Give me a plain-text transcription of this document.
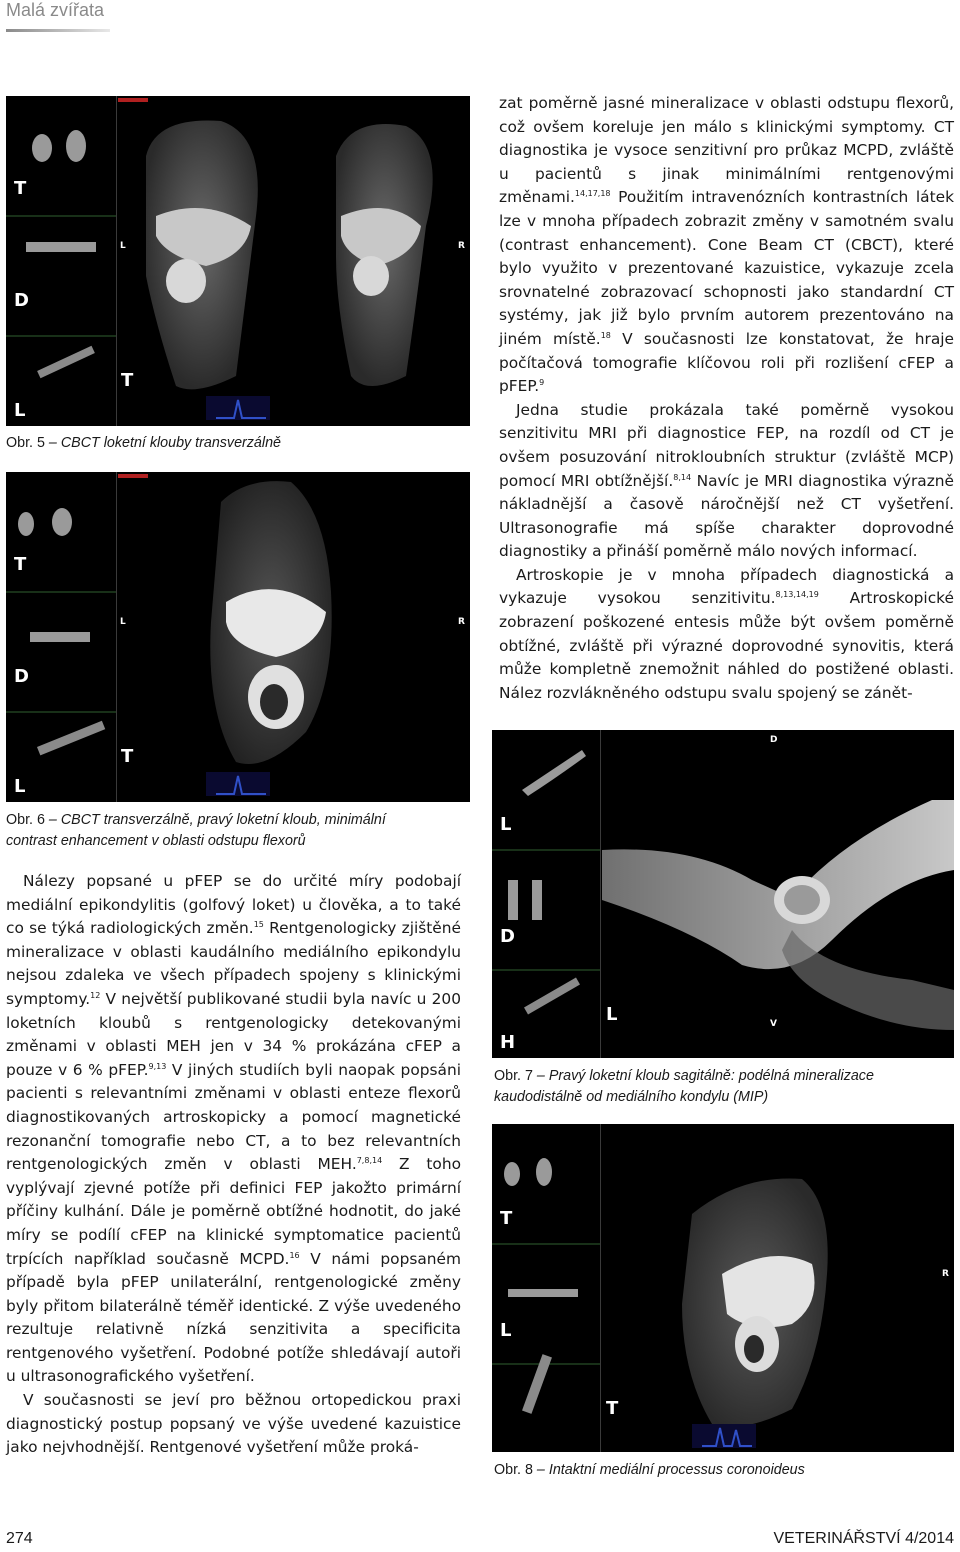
Malá zvířata
T
D
L
T
L	R
Obr. 5 – CBCT loketní klouby transverzálně
T
D
L
T
L	R
Obr. 6 – CBCT transverzálně, pravý loketní kloub, minimální
contrast enhancement v oblasti odstupu flexorů
L
D
H
L
D
V
Obr. 7 – Pravý loketní kloub sagitálně: podélná mineralizace
kaudodistálně od mediálního kondylu (MIP)
T
L
T
R
Obr. 8 – Intaktní mediální processus coronoideus

zat poměrně jasné mineralizace v oblasti odstupu flexorů, což ovšem koreluje jen málo s klinickými symptomy. CT diagnostika je vysoce senzitivní pro průkaz MCPD, zvláště u pacientů s jinak minimálními rentgenovými změnami.$^{14,17,18}$ Použitím intravenózních kontrastních látek lze v mnoha případech zobrazit změny v samotném svalu (contrast enhancement). Cone Beam CT (CBCT), které bylo využito v prezentované kazuistice, vykazuje zcela srovnatelné zobrazovací schopnosti jako standardní CT systémy, jak již bylo prvním autorem prezentováno na jiném místě.$^{18}$ V současnosti lze konstatovat, že hraje počítačová tomografie klíčovou roli při rozlišení cFEP a pFEP.$^9$

Jedna studie prokázala také poměrně vysokou senzitivitu MRI při diagnostice FEP, na rozdíl od CT je ovšem posuzování nitrokloubních struktur (zvláště MCP) pomocí MRI obtížnější.$^{8,14}$ Navíc je MRI diagnostika výrazně nákladnější a časově náročnější než CT vyšetření. Ultrasonografie má spíše charakter doprovodné diagnostiky a přináší poměrně málo nových informací.

Artroskopie je v mnoha případech diagnostická a vykazuje vysokou senzitivitu.$^{8,13,14,19}$ Artroskopické zobrazení poškozené entesis může být ovšem poměrně obtížné, zvláště při výrazné doprovodné synovitis, která může kompletně znemožnit náhled do postižené oblasti. Nález rozvlákněného odstupu svalu spojený se zánět-

Nálezy popsané u pFEP se do určité míry podobají mediální epikondylitis (golfový loket) u člověka, a to také co se týká radiologických změn.$^{15}$ Rentgenologicky zjištěné mineralizace v oblasti kaudálního mediálního epikondylu nejsou zdaleka ve všech případech spojeny s klinickými symptomy.$^{12}$ V největší publikované studii byla navíc u 200 loketních kloubů s rentgenologicky detekovanými změnami v oblasti MEH jen v 34 % prokázána cFEP a pouze v 6 % pFEP.$^{9,13}$ V jiných studiích byli naopak popsáni pacienti s relevantními změnami v oblasti enteze flexorů diagnostikovaných artroskopicky a pomocí magnetické rezonanční tomografie nebo CT, a to bez relevantních rentgenologických změn v oblasti MEH.$^{7,8,14}$ Z toho vyplývají zjevné potíže při definici FEP jakožto primární příčiny kulhání. Dále je poměrně obtížné hodnotit, do jaké míry se podílí cFEP na klinické symptomatice pacientů trpících například současně MCPD.$^{16}$ V námi popsaném případě byla pFEP unilaterální, rentgenologické změny byly přitom bilaterálně téměř identické. Z výše uvedeného rezultuje relativně nízká senzitivita a specificita rentgenového vyšetření. Podobné potíže shledávají autoři u ultrasonografického vyšetření.

V současnosti se jeví pro běžnou ortopedickou praxi diagnostický postup popsaný ve výše uvedené kazuistice jako nejvhodnější. Rentgenové vyšetření může proká-

274	VETERINÁŘSTVÍ 4/2014
